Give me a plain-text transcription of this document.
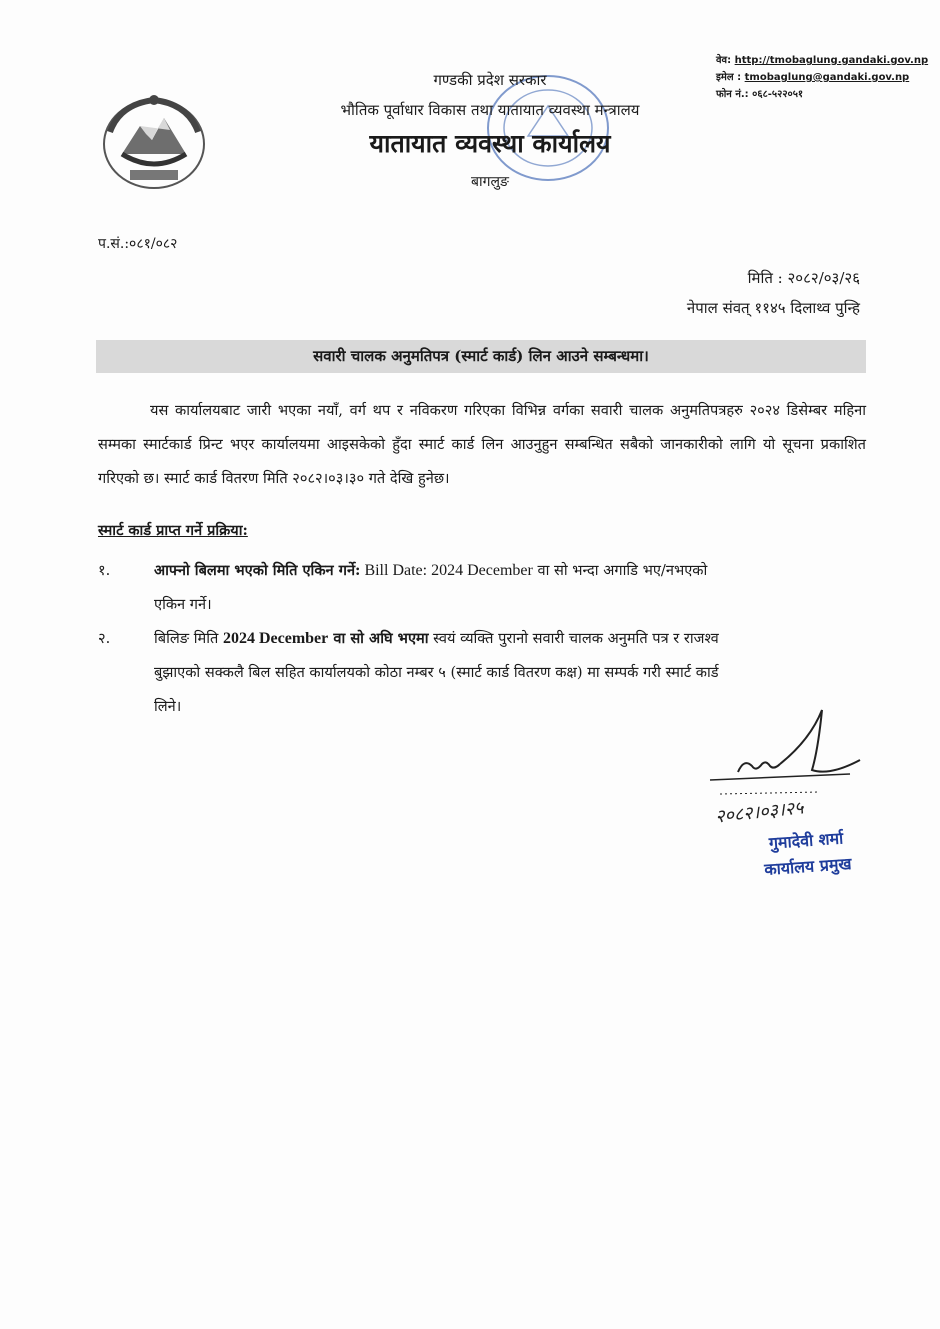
वेव: http://tmobaglung.gandaki.gov.np
इमेल : tmobaglung@gandaki.gov.np
फोन नं.: ०६८-५२२०५१
गण्डकी प्रदेश सरकार
भौतिक पूर्वाधार विकास तथा यातायात व्यवस्था मन्त्रालय
यातायात व्यवस्था कार्यालय
बागलुङ
प.सं.:०८१/०८२
मिति : २०८२/०३/२६
नेपाल संवत् ११४५ दिलाथ्व पुन्हि
सवारी चालक अनुमतिपत्र (स्मार्ट कार्ड) लिन आउने सम्बन्धमा।
यस कार्यालयबाट जारी भएका नयाँ, वर्ग थप र नविकरण गरिएका विभिन्न वर्गका सवारी चालक अनुमतिपत्रहरु २०२४ डिसेम्बर महिना सम्मका स्मार्टकार्ड प्रिन्ट भएर कार्यालयमा आइसकेको हुँदा स्मार्ट कार्ड लिन आउनुहुन सम्बन्धित सबैको जानकारीको लागि यो सूचना प्रकाशित गरिएको छ। स्मार्ट कार्ड वितरण मिति २०८२।०३।३० गते देखि हुनेछ।
स्मार्ट कार्ड प्राप्त गर्ने प्रक्रिया:
१.	आफ्नो बिलमा भएको मिति एकिन गर्ने: Bill Date: 2024 December वा सो भन्दा अगाडि भए/नभएको
एकिन गर्ने।
२.	बिलिङ मिति 2024 December वा सो अघि भएमा स्वयं व्यक्ति पुरानो सवारी चालक अनुमति पत्र र राजश्व
बुझाएको सक्कलै बिल सहित कार्यालयको कोठा नम्बर ५ (स्मार्ट कार्ड वितरण कक्ष) मा सम्पर्क गरी स्मार्ट कार्ड
लिने।
२०८२।०३।२५
गुमादेवी शर्मा
कार्यालय प्रमुख
